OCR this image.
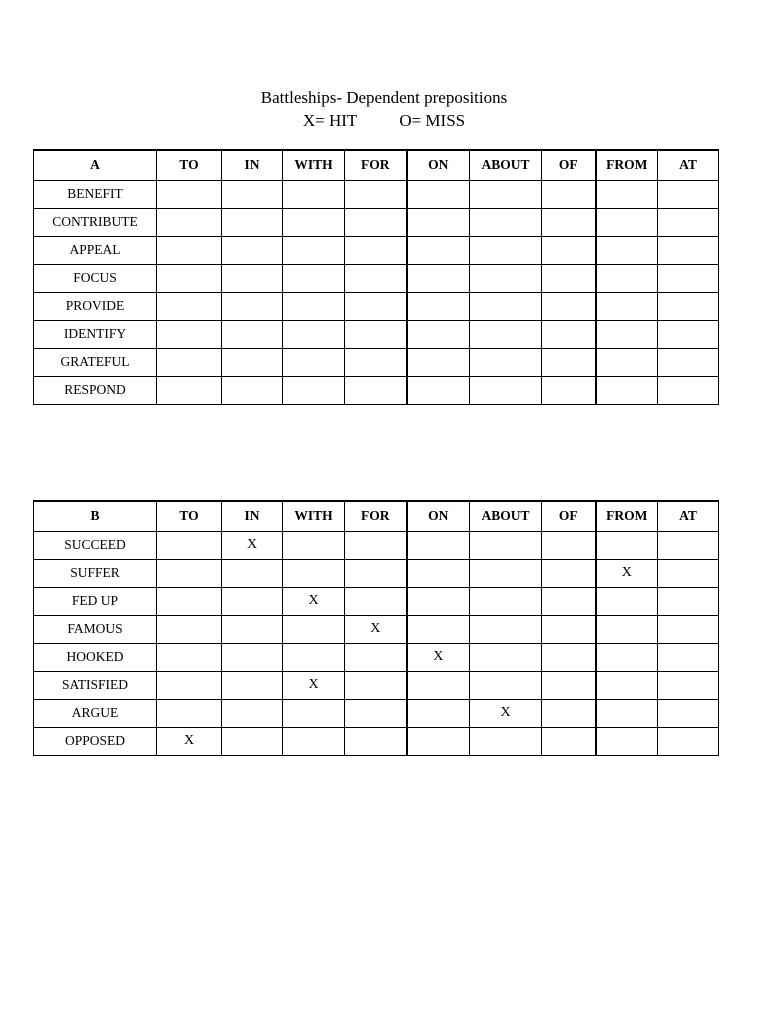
Battleships- Dependent prepositions
X= HIT O= MISS
A	TO	IN	WITH	FOR	ON	ABOUT	OF	FROM	AT
BENEFIT									
CONTRIBUTE									
APPEAL									
FOCUS									
PROVIDE									
IDENTIFY									
GRATEFUL									
RESPOND									
B	TO	IN	WITH	FOR	ON	ABOUT	OF	FROM	AT
SUCCEED		X							
SUFFER								X	
FED UP			X						
FAMOUS				X					
HOOKED					X				
SATISFIED			X						
ARGUE						X			
OPPOSED	X								
